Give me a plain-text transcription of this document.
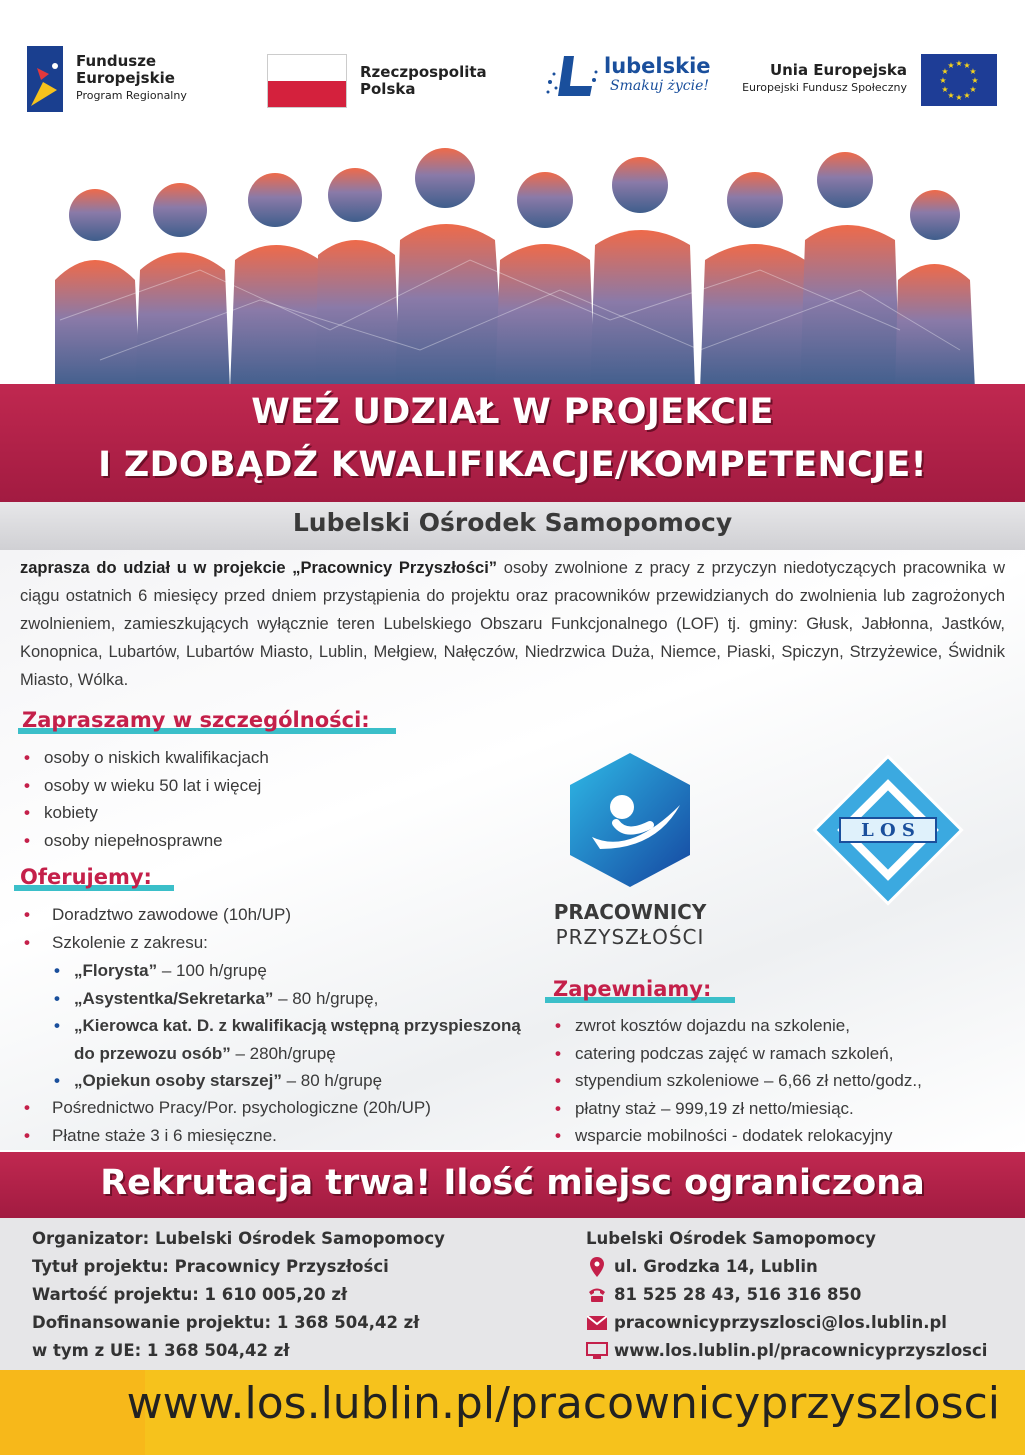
Fundusze
Europejskie
Program Regionalny
Rzeczpospolita
Polska
lubelskie
Smakuj życie!
Unia Europejska
Europejski Fundusz Społeczny
★ ★
★
★
★
★
★
★
★
★
★
★
WEŹ UDZIAŁ W PROJEKCIE
I ZDOBĄDŹ KWALIFIKACJE/KOMPETENCJE!
Lubelski Ośrodek Samopomocy
zaprasza do udział u w projekcie „Pracownicy Przyszłości” osoby zwolnione z pracy z przyczyn niedotyczących pracownika w ciągu ostatnich 6 miesięcy przed dniem przystąpienia do projektu oraz pracowników przewidzianych do zwolnienia lub zagrożonych zwolnieniem, zamieszkujących wyłącznie teren Lubelskiego Obszaru Funkcjonalnego (LOF) tj. gminy: Głusk, Jabłonna, Jastków, Konopnica, Lubartów, Lubartów Miasto, Lublin, Mełgiew, Nałęczów, Niedrzwica Duża, Niemce, Piaski, Spiczyn, Strzyżewice, Świdnik Miasto, Wólka.
Zapraszamy w szczególności:
• osoby o niskich kwalifikacjach
• osoby w wieku 50 lat i więcej
• kobiety
• osoby niepełnosprawne
Oferujemy:
• Doradztwo zawodowe (10h/UP)
• Szkolenie z zakresu:
• „Florysta” – 100 h/grupę
• „Asystentka/Sekretarka” – 80 h/grupę,
• „Kierowca kat. D. z kwalifikacją wstępną przyspieszoną do przewozu osób” – 280h/grupę
• „Opiekun osoby starszej” – 80 h/grupę
• Pośrednictwo Pracy/Por. psychologiczne (20h/UP)
• Płatne staże 3 i 6 miesięczne.
PRACOWNICY
PRZYSZŁOŚCI
L O S
Zapewniamy:
• zwrot kosztów dojazdu na szkolenie,
• catering podczas zajęć w ramach szkoleń,
• stypendium szkoleniowe – 6,66 zł netto/godz.,
• płatny staż – 999,19 zł netto/miesiąc.
• wsparcie mobilności - dodatek relokacyjny
Rekrutacja trwa! Ilość miejsc ograniczona
Organizator: Lubelski Ośrodek Samopomocy
Tytuł projektu: Pracownicy Przyszłości
Wartość projektu: 1 610 005,20 zł
Dofinansowanie projektu: 1 368 504,42 zł
w tym z UE: 1 368 504,42 zł
Lubelski Ośrodek Samopomocy
ul. Grodzka 14, Lublin
81 525 28 43, 516 316 850
pracownicyprzyszlosci@los.lublin.pl
www.los.lublin.pl/pracownicyprzyszlosci
www.los.lublin.pl/pracownicyprzyszlosci
